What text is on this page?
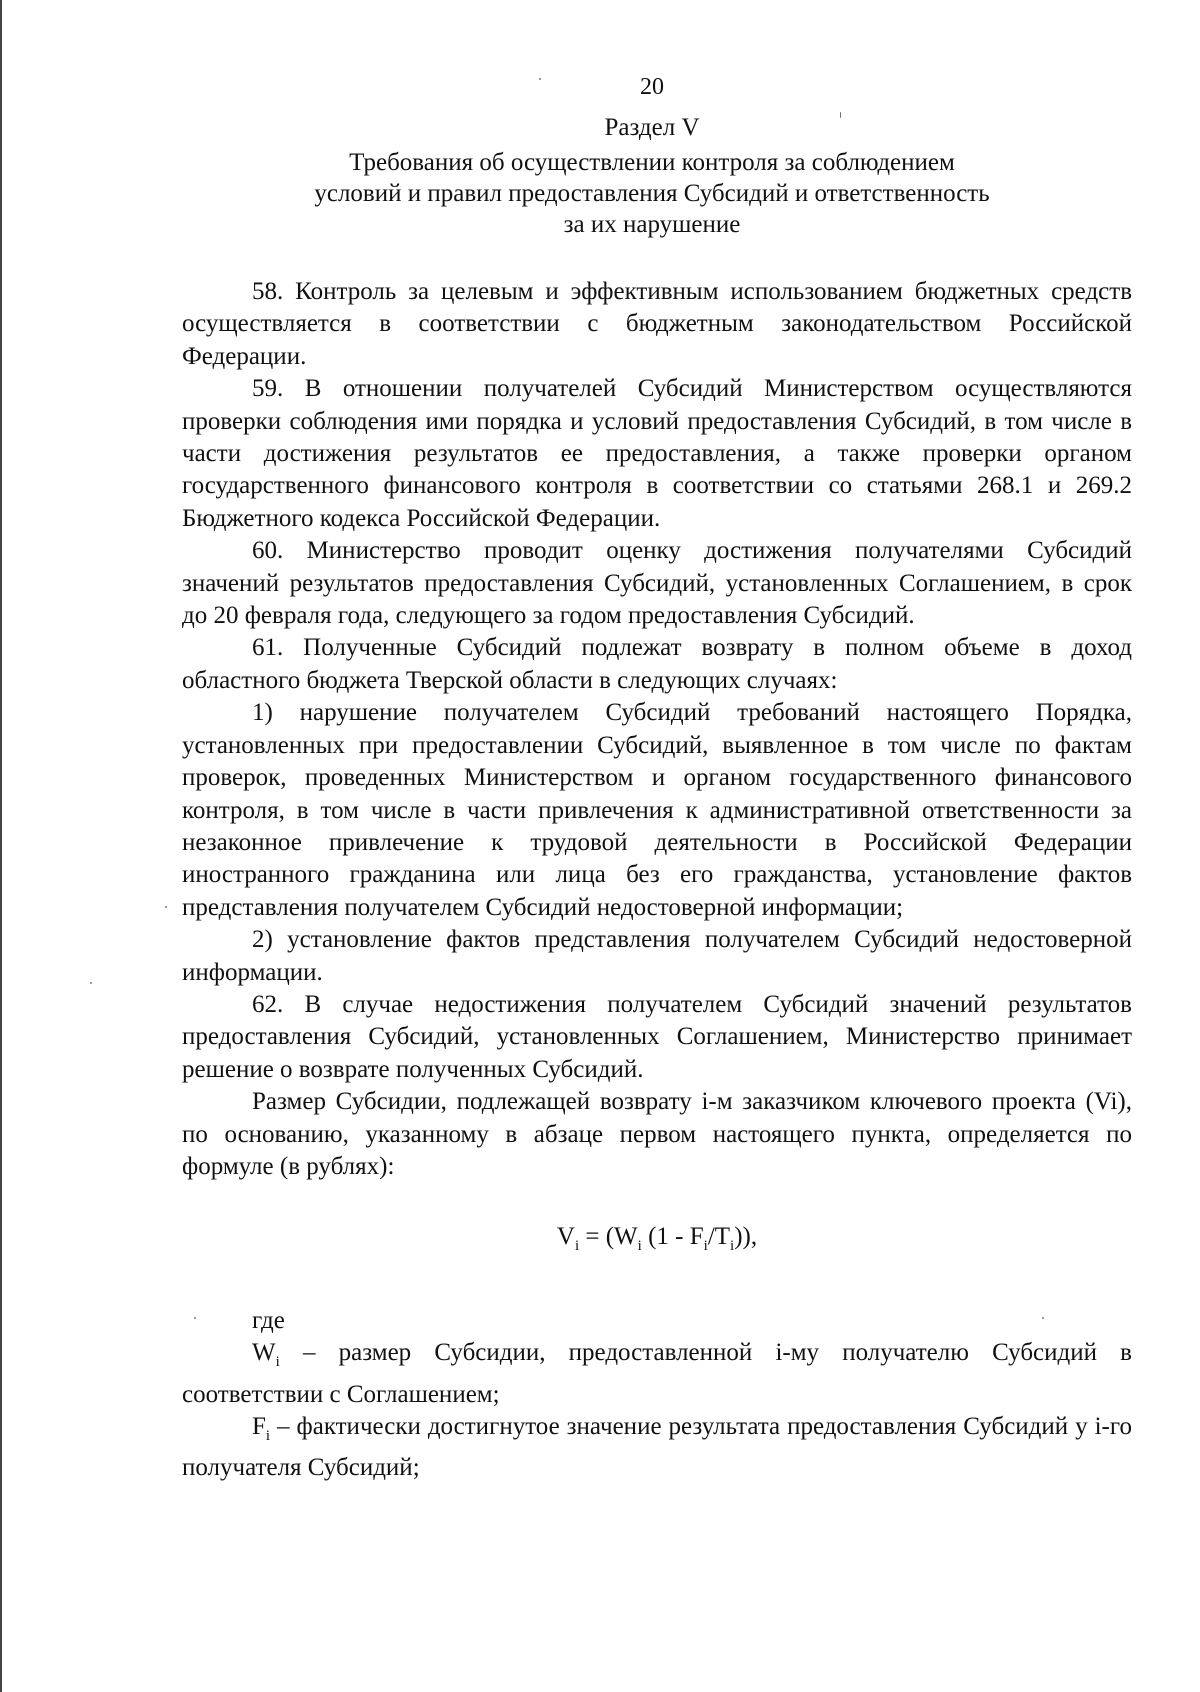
20
Раздел V
Требования об осуществлении контроля за соблюдением
условий и правил предоставления Субсидий и ответственность
за их нарушение

58. Контроль за целевым и эффективным использованием бюджетных средств осуществляется в соответствии с бюджетным законодательством Российской Федерации.

59. В отношении получателей Субсидий Министерством осуществляются проверки соблюдения ими порядка и условий предоставления Субсидий, в том числе в части достижения результатов ее предоставления, а также проверки органом государственного финансового контроля в соответствии со статьями 268.1 и 269.2 Бюджетного кодекса Российской Федерации.

60. Министерство проводит оценку достижения получателями Субсидий значений результатов предоставления Субсидий, установленных Соглашением, в срок до 20 февраля года, следующего за годом предоставления Субсидий.

61. Полученные Субсидий подлежат возврату в полном объеме в доход областного бюджета Тверской области в следующих случаях:

1) нарушение получателем Субсидий требований настоящего Порядка, установленных при предоставлении Субсидий, выявленное в том числе по фактам проверок, проведенных Министерством и органом государственного финансового контроля, в том числе в части привлечения к административной ответственности за незаконное привлечение к трудовой деятельности в Российской Федерации иностранного гражданина или лица без его гражданства, установление фактов представления получателем Субсидий недостоверной информации;

2) установление фактов представления получателем Субсидий недостоверной информации.

62. В случае недостижения получателем Субсидий значений результатов предоставления Субсидий, установленных Соглашением, Министерство принимает решение о возврате полученных Субсидий.

Размер Субсидии, подлежащей возврату i-м заказчиком ключевого проекта (Vi), по основанию, указанному в абзаце первом настоящего пункта, определяется по формуле (в рублях):

$V_i = (W_i$ $(1 - F_i/T_i)$),

где

$W_i$ – размер Субсидии, предоставленной i-му получателю Субсидий в соответствии с Соглашением;

$F_i$ – фактически достигнутое значение результата предоставления Субсидий у i-го получателя Субсидий;
